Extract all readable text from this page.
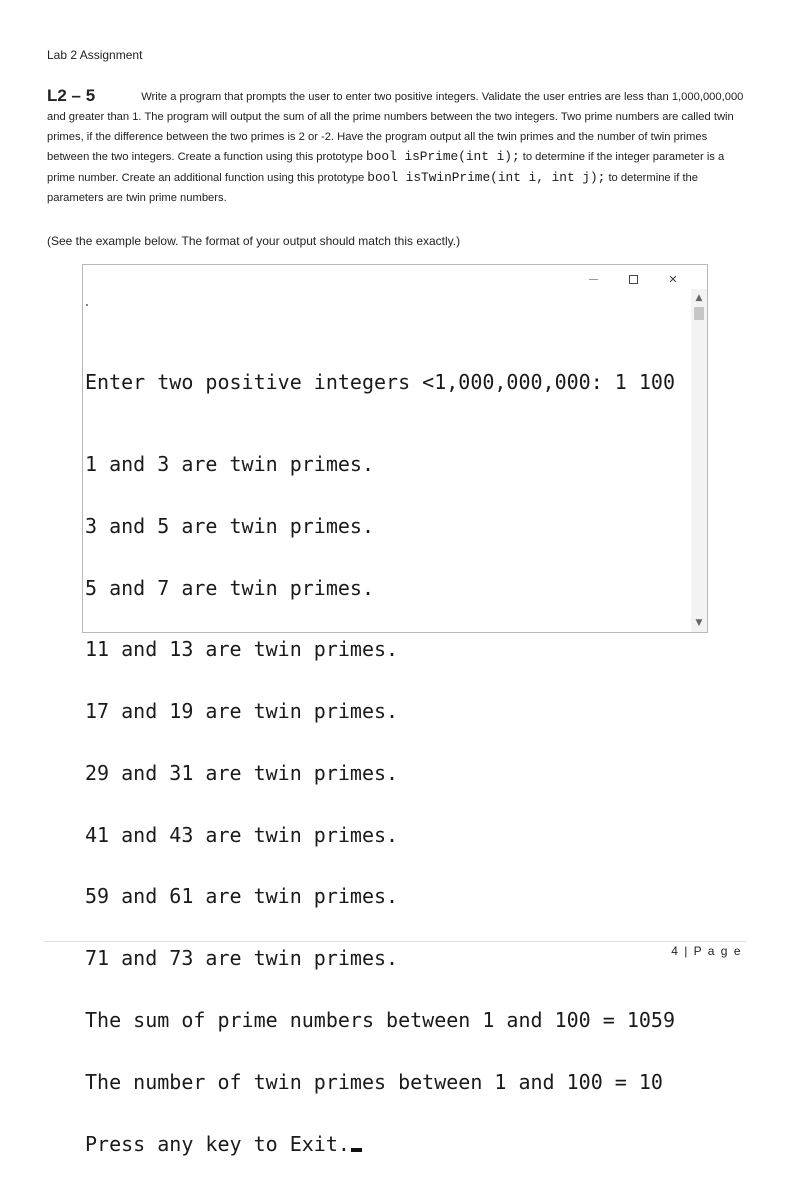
Lab 2 Assignment
L2 – 5	Write a program that prompts the user to enter two positive integers. Validate the user entries are less than 1,000,000,000 and greater than 1. The program will output the sum of all the prime numbers between the two integers. Two prime numbers are called twin primes, if the difference between the two primes is 2 or -2. Have the program output all the twin primes and the number of twin primes between the two integers. Create a function using this prototype bool isPrime(int i); to determine if the integer parameter is a prime number. Create an additional function using this prototype bool isTwinPrime(int i, int j); to determine if the parameters are twin prime numbers.
(See the example below. The format of your output should match this exactly.)
✕
▲
▼

Enter two positive integers <1,000,000,000: 1 100

1 and 3 are twin primes.

3 and 5 are twin primes.

5 and 7 are twin primes.

11 and 13 are twin primes.

17 and 19 are twin primes.

29 and 31 are twin primes.

41 and 43 are twin primes.

59 and 61 are twin primes.

71 and 73 are twin primes.

The sum of prime numbers between 1 and 100 = 1059

The number of twin primes between 1 and 100 = 10

Press any key to Exit.

4 | P a g e
